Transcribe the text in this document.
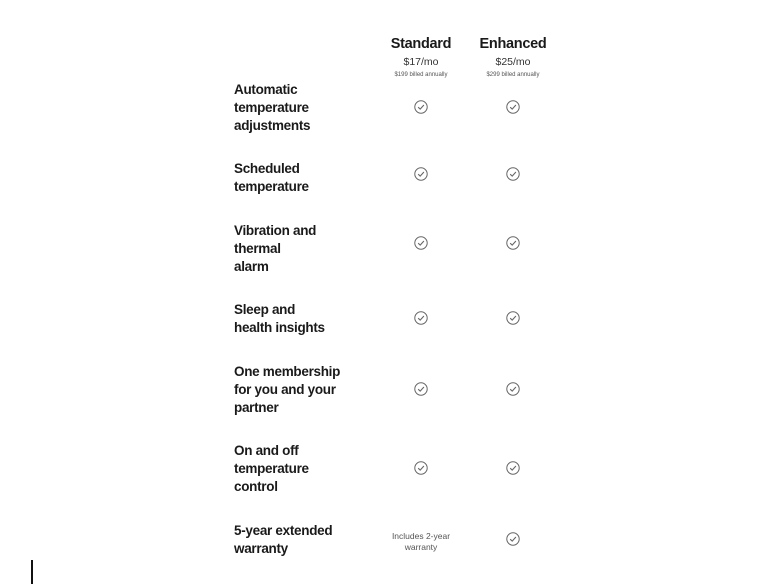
Standard
$17/mo
$199 billed annually
Enhanced
$25/mo
$299 billed annually
Automatic
temperature
adjustments
Scheduled
temperature
Vibration and
thermal
alarm
Sleep and
health insights
One membership
for you and your
partner
On and off
temperature
control
5-year extended
warranty
Includes 2-year
warranty
